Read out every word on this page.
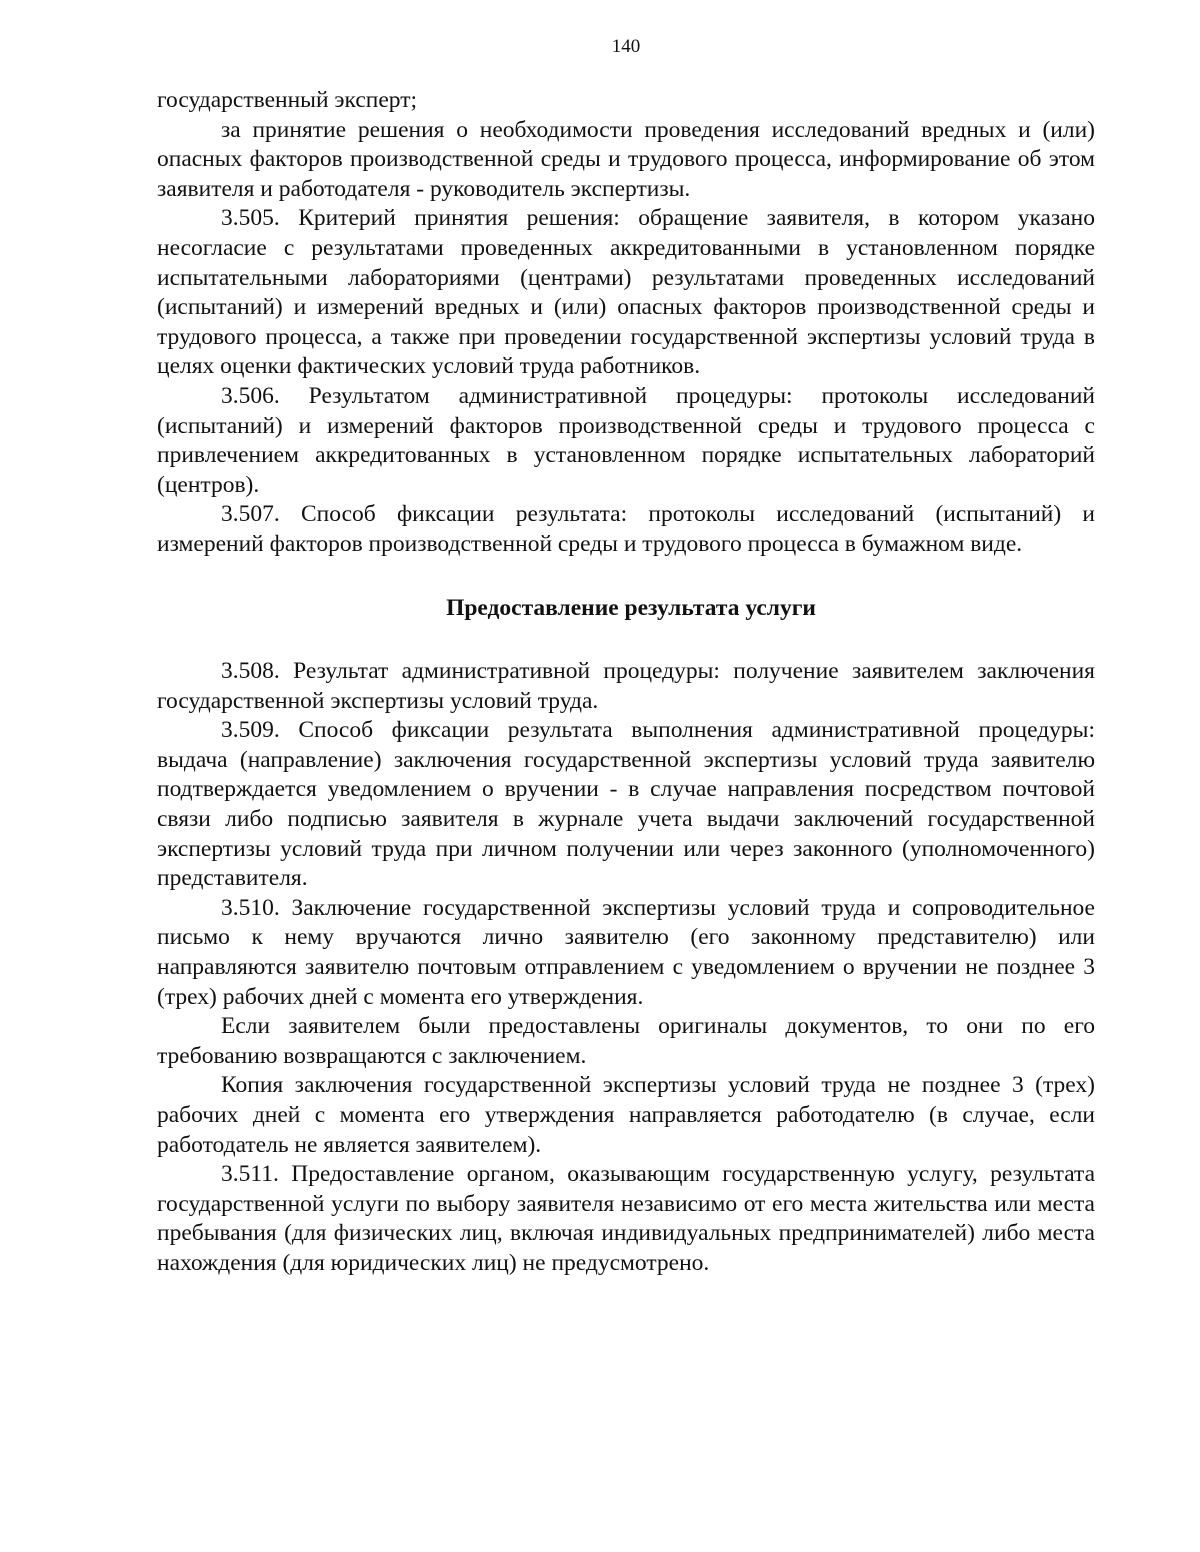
140

государственный эксперт;

за принятие решения о необходимости проведения исследований вредных и (или) опасных факторов производственной среды и трудового процесса, информирование об этом заявителя и работодателя - руководитель экспертизы.

3.505. Критерий принятия решения: обращение заявителя, в котором указано несогласие с результатами проведенных аккредитованными в установленном порядке испытательными лабораториями (центрами) результатами проведенных исследований (испытаний) и измерений вредных и (или) опасных факторов производственной среды и трудового процесса, а также при проведении государственной экспертизы условий труда в целях оценки фактических условий труда работников.

3.506. Результатом административной процедуры: протоколы исследований (испытаний) и измерений факторов производственной среды и трудового процесса с привлечением аккредитованных в установленном порядке испытательных лабораторий (центров).

3.507. Способ фиксации результата: протоколы исследований (испытаний) и измерений факторов производственной среды и трудового процесса в бумажном виде.

Предоставление результата услуги

3.508. Результат административной процедуры: получение заявителем заключения государственной экспертизы условий труда.

3.509. Способ фиксации результата выполнения административной процедуры: выдача (направление) заключения государственной экспертизы условий труда заявителю подтверждается уведомлением о вручении - в случае направления посредством почтовой связи либо подписью заявителя в журнале учета выдачи заключений государственной экспертизы условий труда при личном получении или через законного (уполномоченного) представителя.

3.510. Заключение государственной экспертизы условий труда и сопроводительное письмо к нему вручаются лично заявителю (его законному представителю) или направляются заявителю почтовым отправлением с уведомлением о вручении не позднее 3 (трех) рабочих дней с момента его утверждения.

Если заявителем были предоставлены оригиналы документов, то они по его требованию возвращаются с заключением.

Копия заключения государственной экспертизы условий труда не позднее 3 (трех) рабочих дней с момента его утверждения направляется работодателю (в случае, если работодатель не является заявителем).

3.511. Предоставление органом, оказывающим государственную услугу, результата государственной услуги по выбору заявителя независимо от его места жительства или места пребывания (для физических лиц, включая индивидуальных предпринимателей) либо места нахождения (для юридических лиц) не предусмотрено.
